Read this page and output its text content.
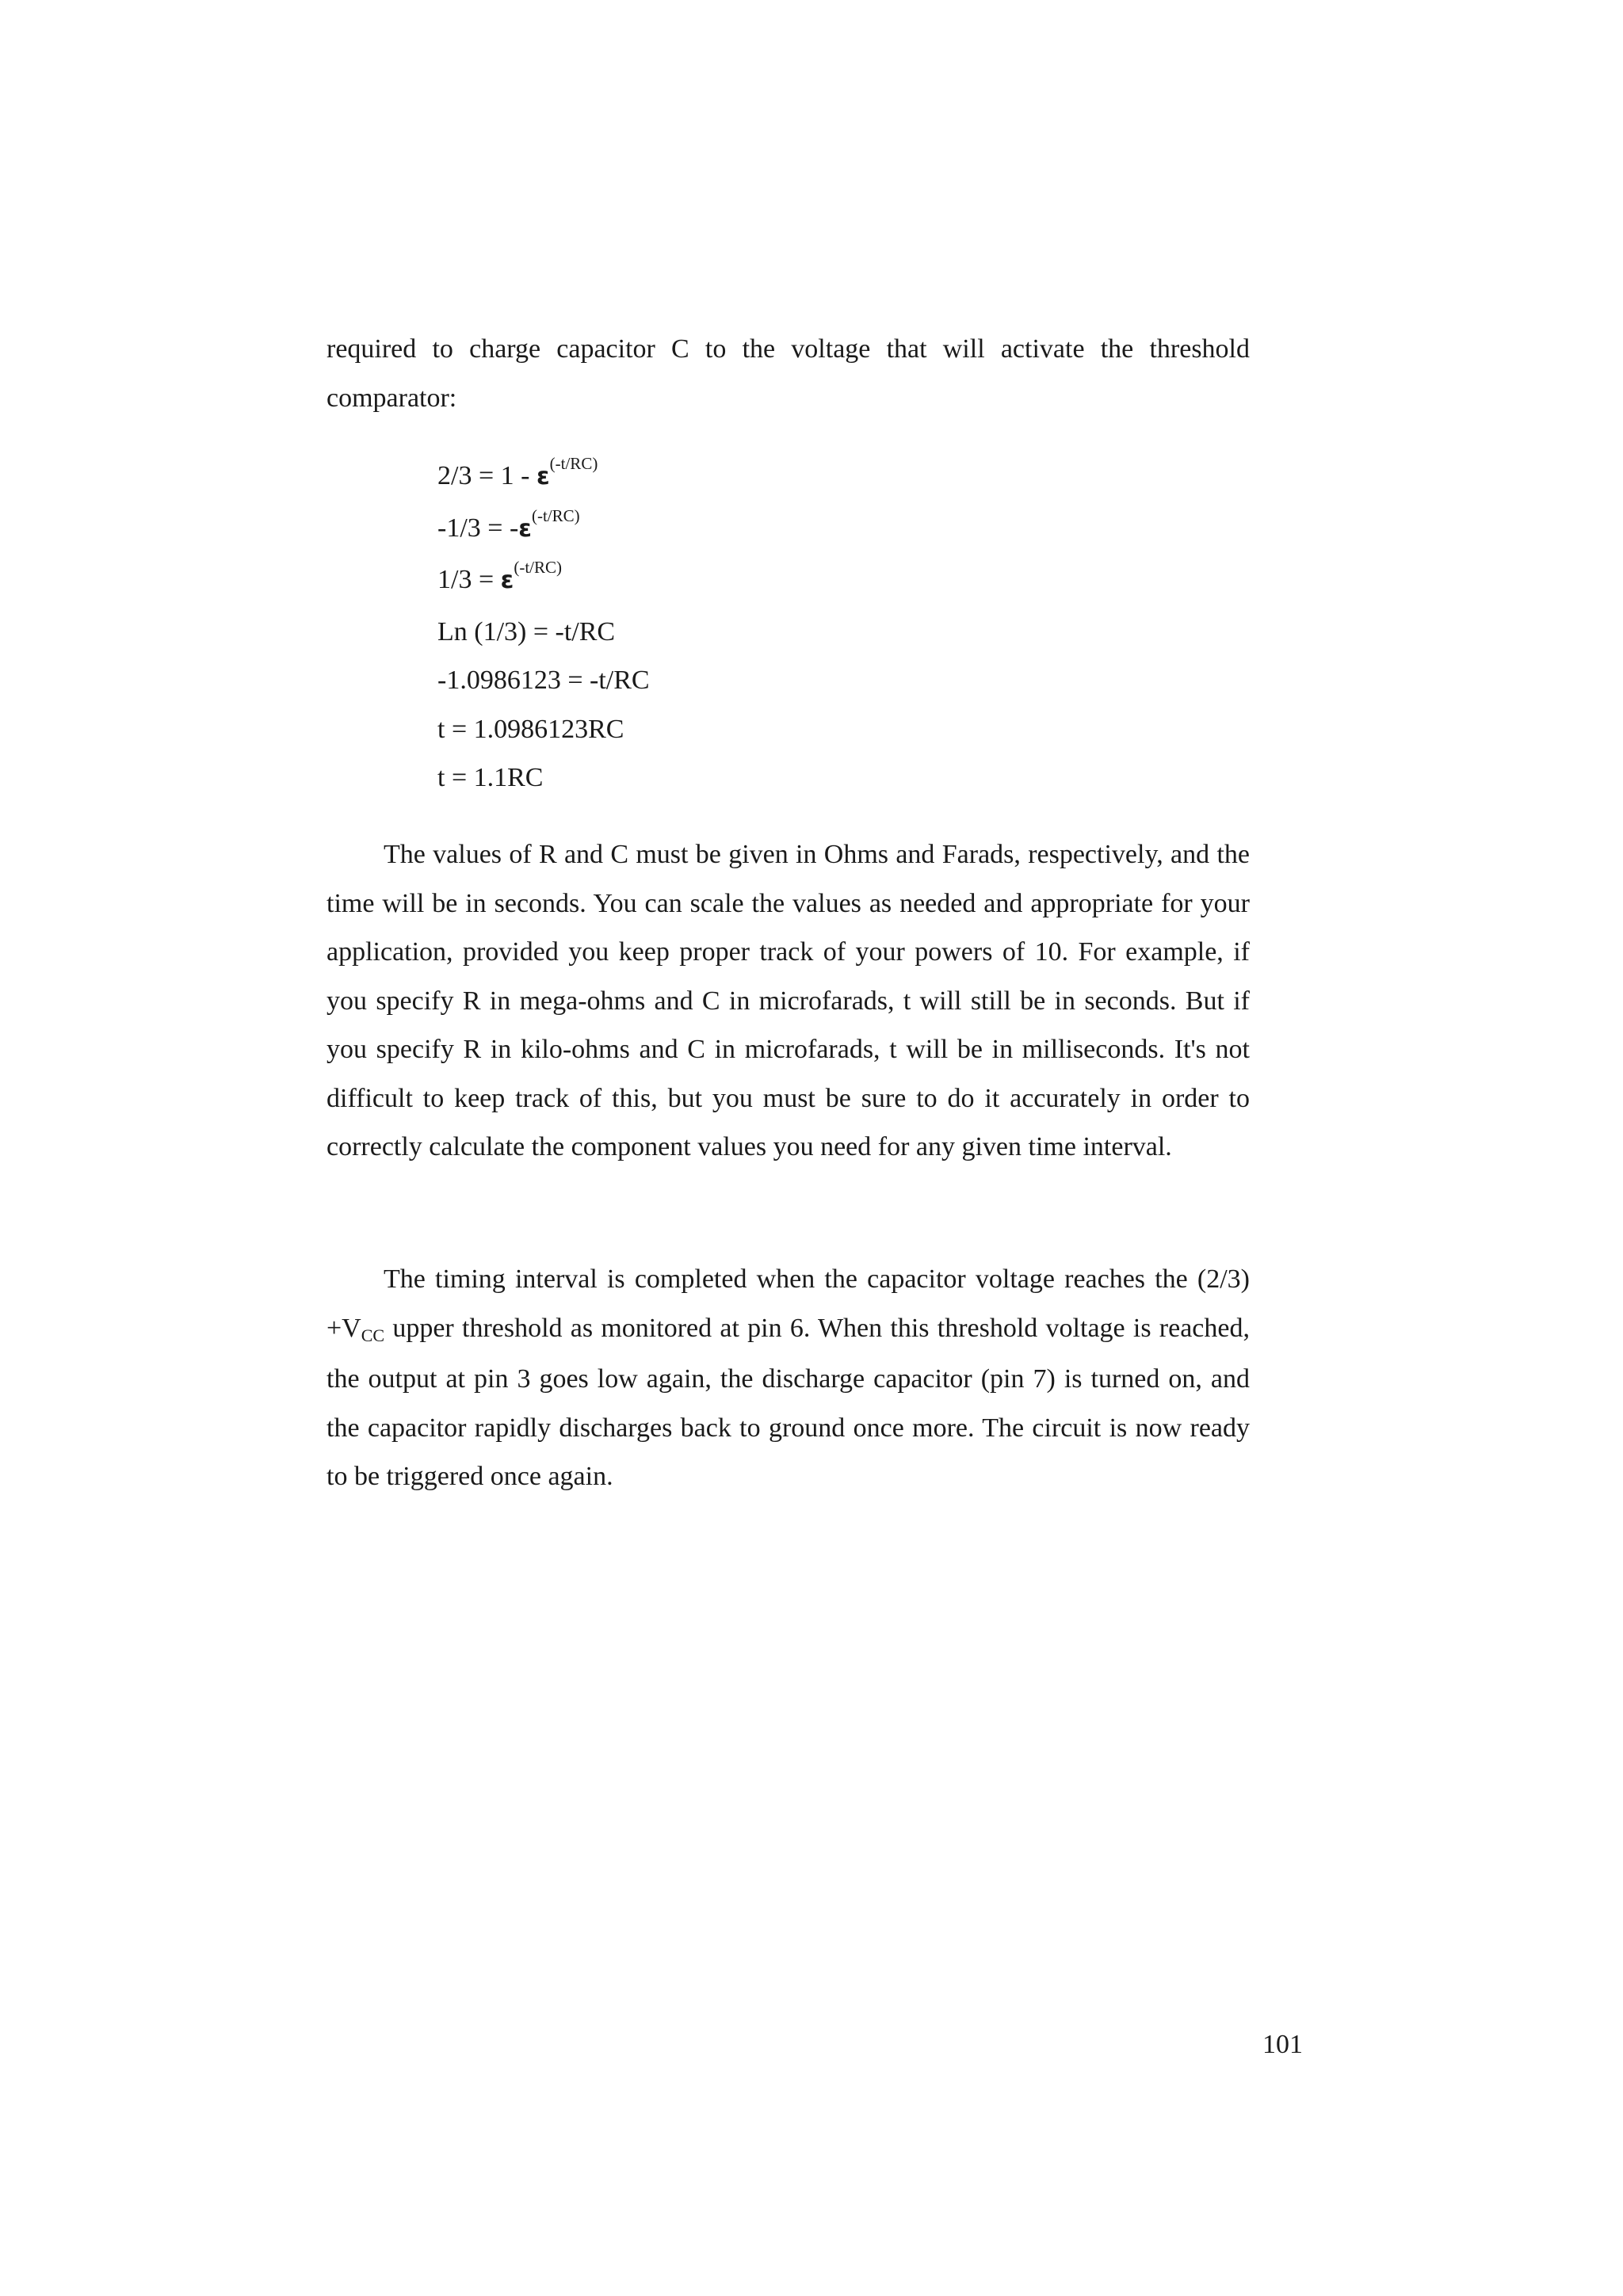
required to charge capacitor C to the voltage that will activate the threshold comparator:

$2/3 = 1 - \varepsilon^{(-t/RC)}$
$-1/3 = -\varepsilon^{(-t/RC)}$
$1/3 = \varepsilon^{(-t/RC)}$
Ln (1/3) = -t/RC
-1.0986123 = -t/RC
t = 1.0986123RC
t = 1.1RC

The values of R and C must be given in Ohms and Farads, respectively, and the time will be in seconds. You can scale the values as needed and appropriate for your application, provided you keep proper track of your powers of 10. For example, if you specify R in mega-ohms and C in microfarads, t will still be in seconds. But if you specify R in kilo-ohms and C in microfarads, t will be in milliseconds. It's not difficult to keep track of this, but you must be sure to do it accurately in order to correctly calculate the component values you need for any given time interval.

The timing interval is completed when the capacitor voltage reaches the (2/3) +VCC upper threshold as monitored at pin 6. When this threshold voltage is reached, the output at pin 3 goes low again, the discharge capacitor (pin 7) is turned on, and the capacitor rapidly discharges back to ground once more. The circuit is now ready to be triggered once again.

101
